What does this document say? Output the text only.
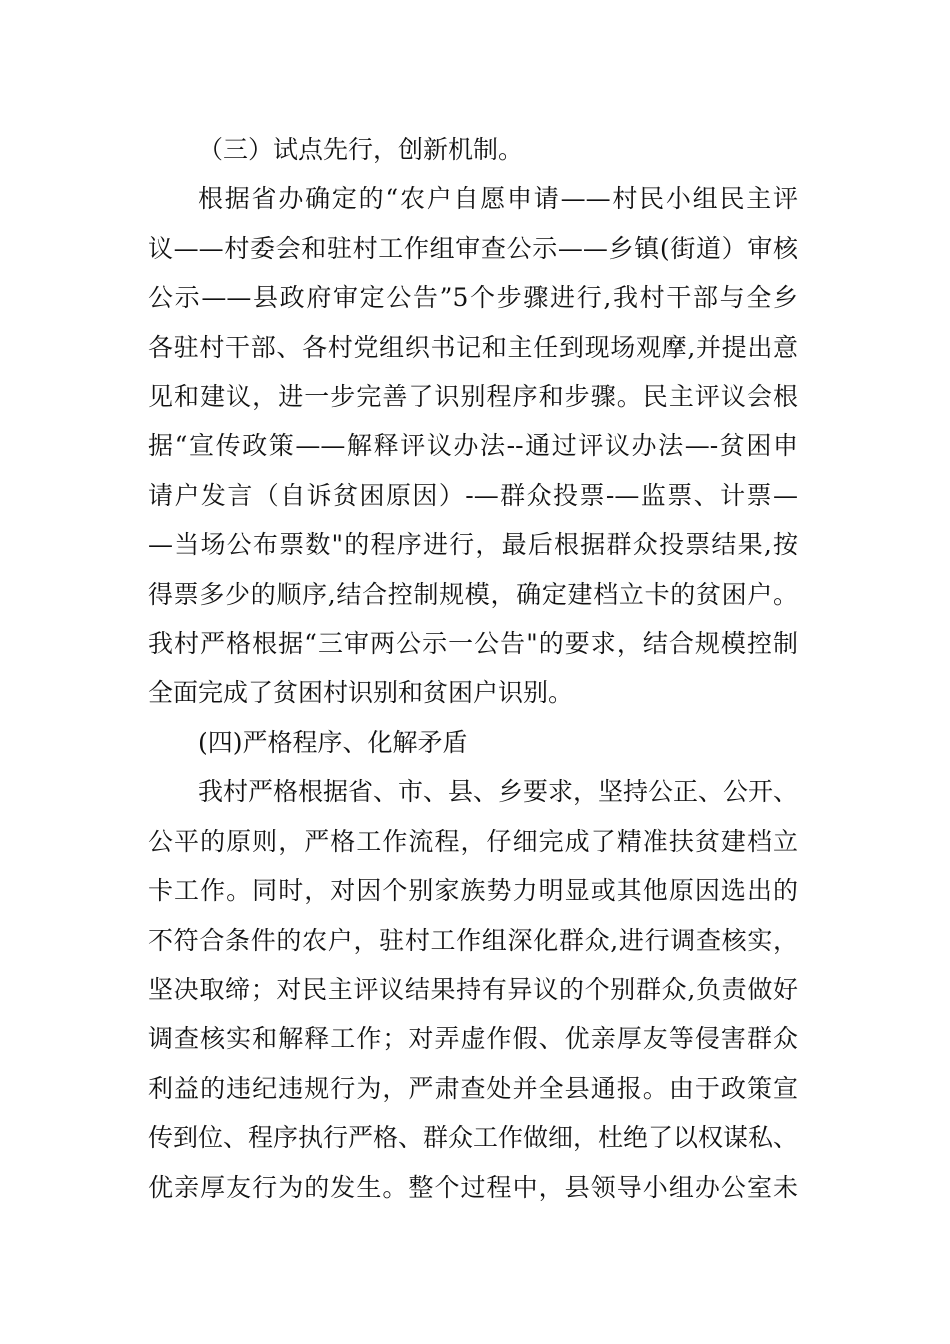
（三）试点先行，创新机制。
根据省办确定的“农户自愿申请——村民小组民主评
议——村委会和驻村工作组审查公示——乡镇(街道）审核
公示——县政府审定公告”5个步骤进行,我村干部与全乡
各驻村干部、各村党组织书记和主任到现场观摩,并提出意
见和建议，进一步完善了识别程序和步骤。民主评议会根
据“宣传政策——解释评议办法--通过评议办法—-贫困申
请户发言（自诉贫困原因）-—群众投票-—监票、计票—
—当场公布票数"的程序进行，最后根据群众投票结果,按
得票多少的顺序,结合控制规模，确定建档立卡的贫困户。
我村严格根据“三审两公示一公告"的要求，结合规模控制
全面完成了贫困村识别和贫困户识别。
(四)严格程序、化解矛盾
我村严格根据省、市、县、乡要求，坚持公正、公开、
公平的原则，严格工作流程，仔细完成了精准扶贫建档立
卡工作。同时，对因个别家族势力明显或其他原因选出的
不符合条件的农户，驻村工作组深化群众,进行调查核实，
坚决取缔；对民主评议结果持有异议的个别群众,负责做好
调查核实和解释工作；对弄虚作假、优亲厚友等侵害群众
利益的违纪违规行为，严肃查处并全县通报。由于政策宣
传到位、程序执行严格、群众工作做细，杜绝了以权谋私、
优亲厚友行为的发生。整个过程中，县领导小组办公室未
